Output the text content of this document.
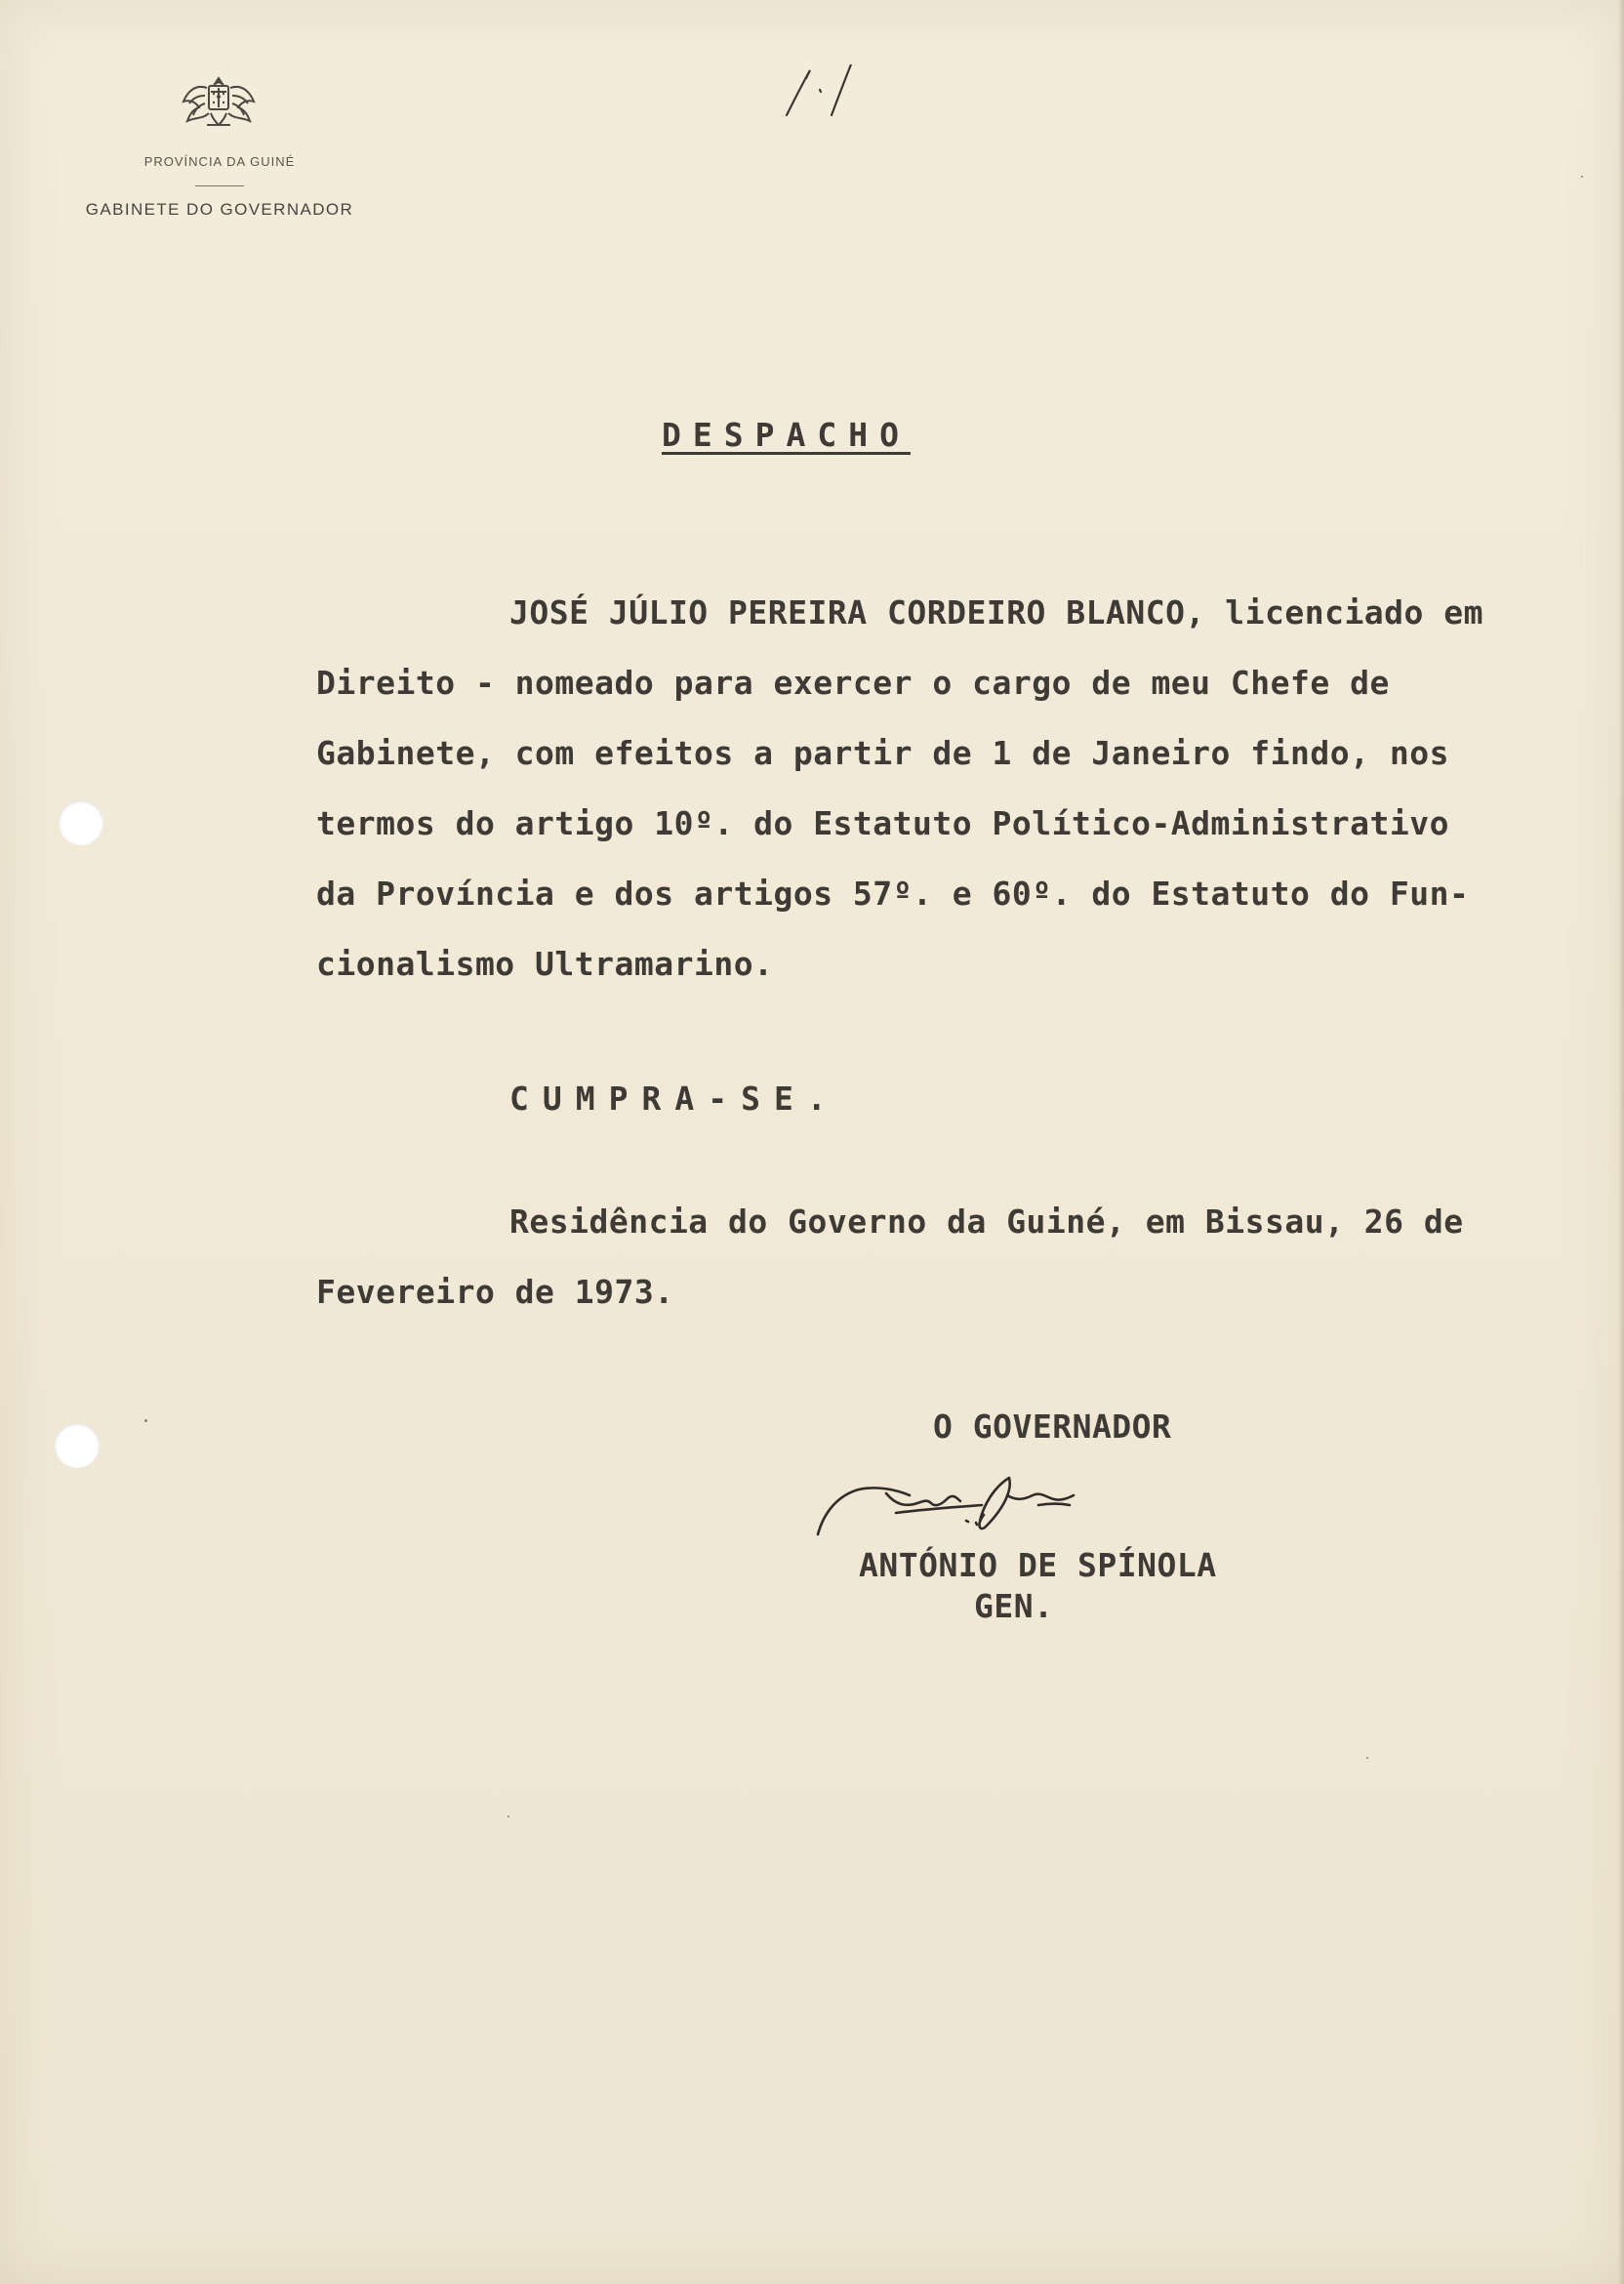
PROVÍNCIA DA GUINÉ
GABINETE DO GOVERNADOR
DESPACHO
JOSÉ JÚLIO PEREIRA CORDEIRO BLANCO, licenciado em
Direito - nomeado para exercer o cargo de meu Chefe de
Gabinete, com efeitos a partir de 1 de Janeiro findo, nos
termos do artigo 10º. do Estatuto Político-Administrativo
da Província e dos artigos 57º. e 60º. do Estatuto do Fun-
cionalismo Ultramarino.
CUMPRA-SE.
Residência do Governo da Guiné, em Bissau, 26 de
Fevereiro de 1973.
O GOVERNADOR
ANTÓNIO DE SPÍNOLA
GEN.
